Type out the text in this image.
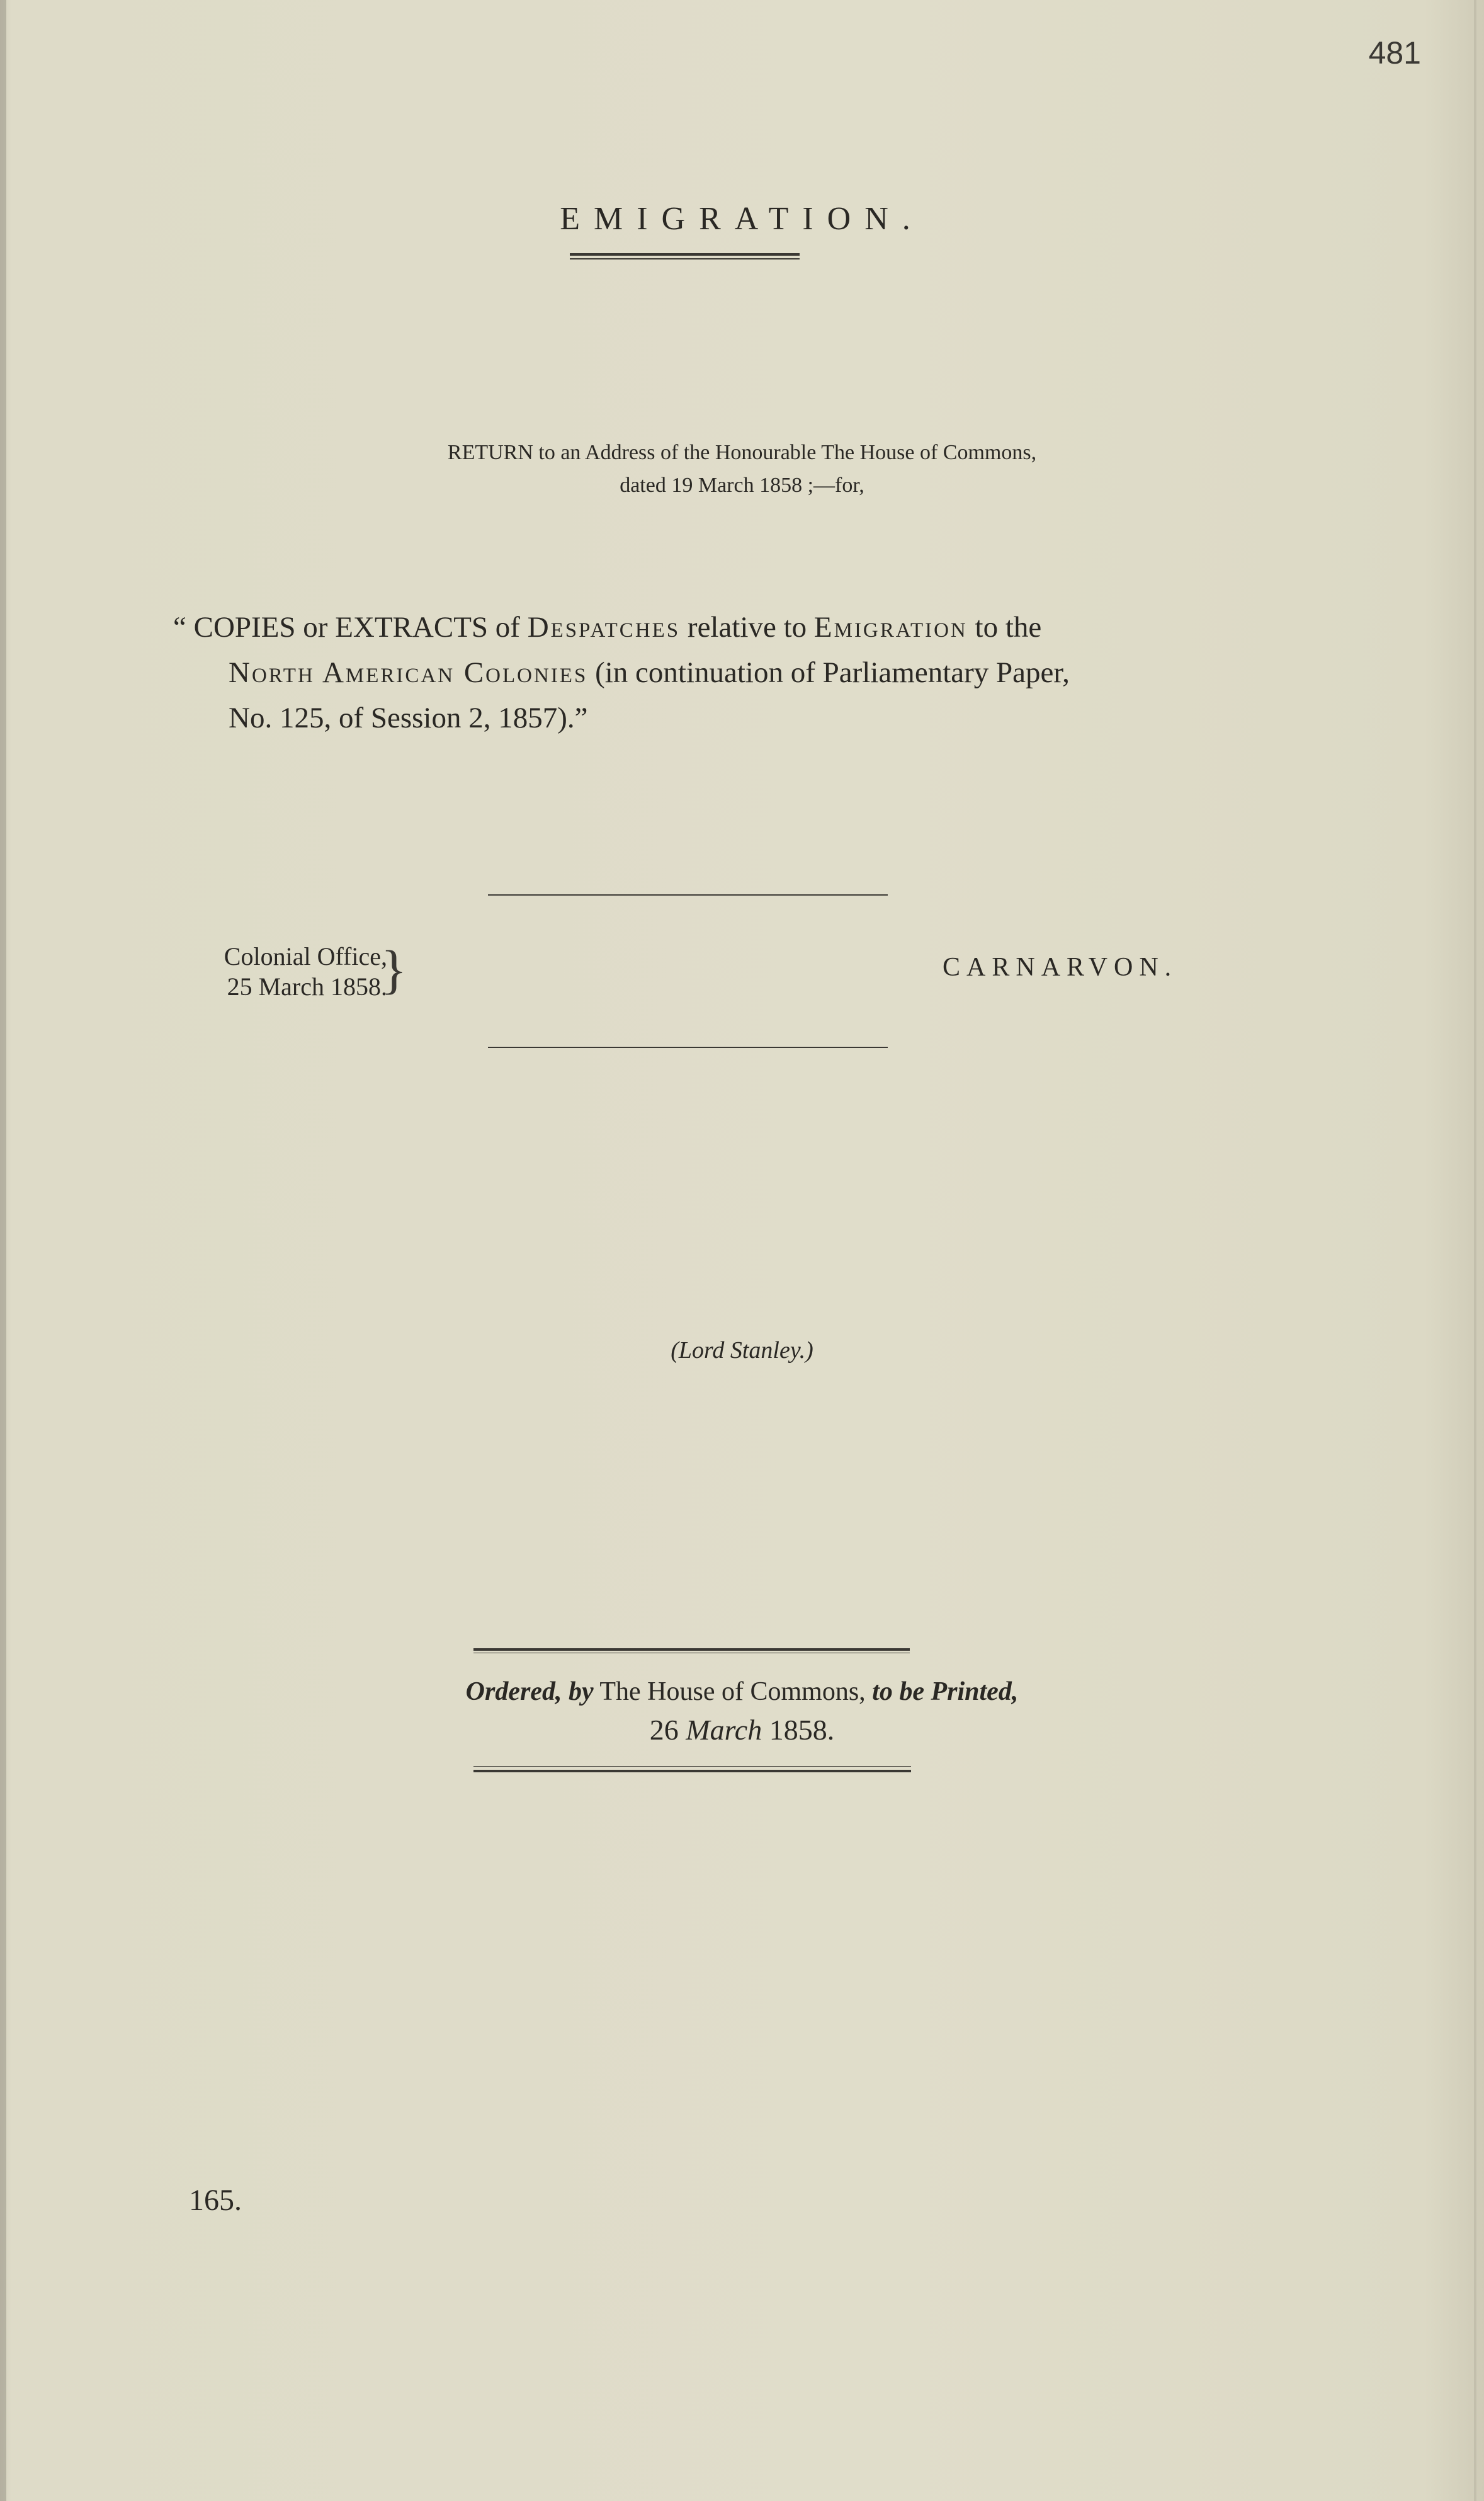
481
EMIGRATION.
RETURN to an Address of the Honourable The House of Commons,
dated 19 March 1858 ;—for,
“ COPIES or EXTRACTS of Despatches relative to Emigration to the
North American Colonies (in continuation of Parliamentary Paper,
No. 125, of Session 2, 1857).”
Colonial Office,
25 March 1858.
}	CARNARVON.
(Lord Stanley.)
Ordered, by The House of Commons, to be Printed,
26 March 1858.
165.
